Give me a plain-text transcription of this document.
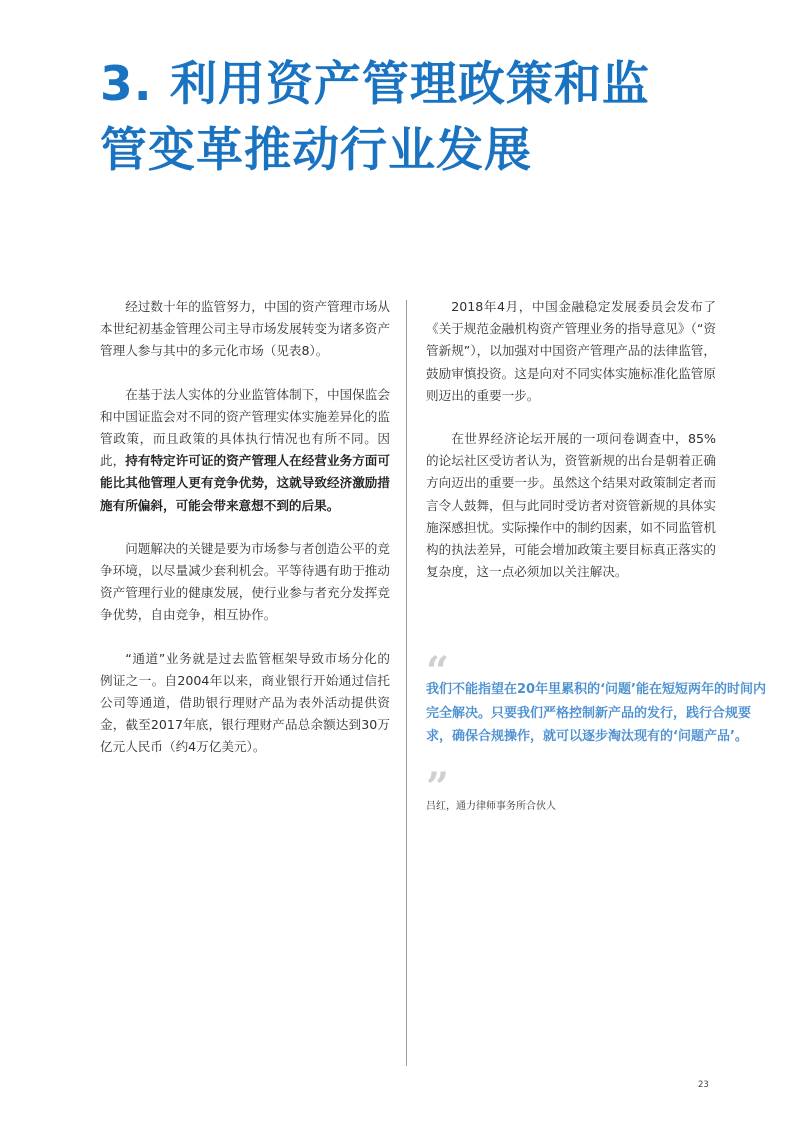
3. 利用资产管理政策和监
管变革推动行业发展

经过数十年的监管努力，中国的资产管理市场从本世纪初基金管理公司主导市场发展转变为诸多资产管理人参与其中的多元化市场（见表8）。

在基于法人实体的分业监管体制下，中国保监会和中国证监会对不同的资产管理实体实施差异化的监管政策，而且政策的具体执行情况也有所不同。因此，持有特定许可证的资产管理人在经营业务方面可能比其他管理人更有竞争优势，这就导致经济激励措施有所偏斜，可能会带来意想不到的后果。

问题解决的关键是要为市场参与者创造公平的竞争环境，以尽量减少套利机会。平等待遇有助于推动资产管理行业的健康发展，使行业参与者充分发挥竞争优势，自由竞争，相互协作。

“通道”业务就是过去监管框架导致市场分化的例证之一。自2004年以来，商业银行开始通过信托公司等通道，借助银行理财产品为表外活动提供资金，截至2017年底，银行理财产品总余额达到30万亿元人民币（约4万亿美元）。

2018年4月，中国金融稳定发展委员会发布了《关于规范金融机构资产管理业务的指导意见》（“资管新规”），以加强对中国资产管理产品的法律监管，鼓励审慎投资。这是向对不同实体实施标准化监管原则迈出的重要一步。

在世界经济论坛开展的一项问卷调查中，85%的论坛社区受访者认为，资管新规的出台是朝着正确方向迈出的重要一步。虽然这个结果对政策制定者而言令人鼓舞，但与此同时受访者对资管新规的具体实施深感担忧。实际操作中的制约因素，如不同监管机构的执法差异，可能会增加政策主要目标真正落实的复杂度，这一点必须加以关注解决。

“

我们不能指望在20年里累积的‘问题’能在短短两年的时间内完全解决。只要我们严格控制新产品的发行，践行合规要求，确保合规操作，就可以逐步淘汰现有的‘问题产品’。

”
吕红，通力律师事务所合伙人
23
